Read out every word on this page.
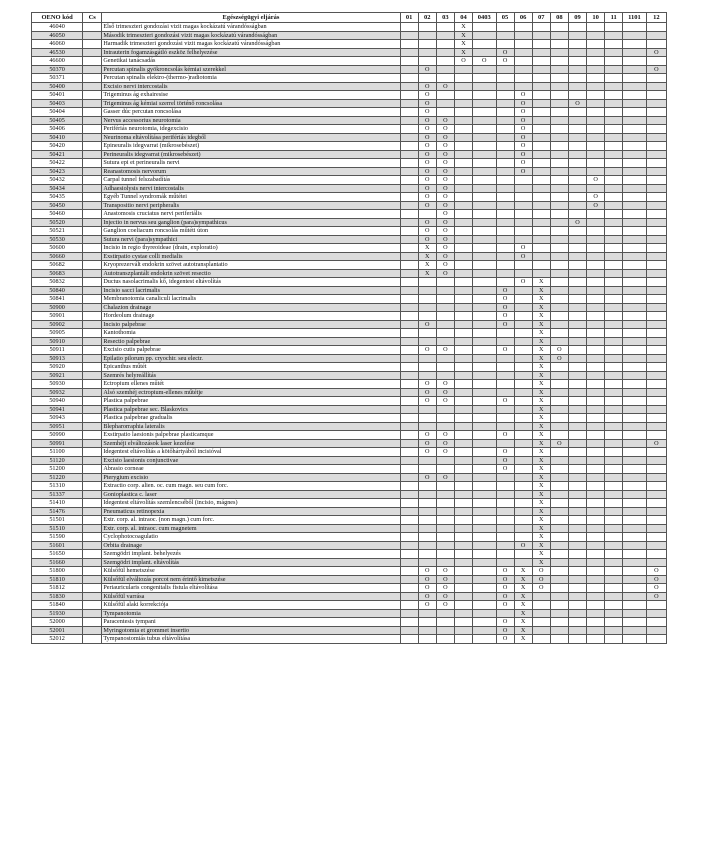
OENO kód	Cs	Egészségügyi eljárás	01	02	03	04	0403	05	06	07	08	09	10	11	1101	12
46040		Első trimeszteri gondozási vizit magas kockázatú várandósságban				X										
46050		Második trimeszteri gondozási vizit magas kockázatú várandósságban				X										
46060		Harmadik trimeszteri gondozási vizit magas kockázatú várandósságban				X										
46530		Intrauterin fogamzásgátló eszköz felhelyezése				X		O								O
46600		Genetikai tanácsadás				O	O	O								
50370		Percutan spinalis gyökroncsolás kémiai szerekkel		O												O
50371		Percutan spinalis elektro-(thermo-)radiotomia														
50400		Excisio nervi intercostalis		O	O											
50401		Trigeminus ág exhairesise		O					O							
50403		Trigeminus ág kémiai szerrel történő roncsolása		O					O			O				
50404		Gasser dúc percutan roncsolása		O					O							
50405		Nervus accessorius neurotomia		O	O				O							
50406		Perifériás neurotomia, idegexcisio		O	O				O							
50410		Neurinoma eltávolítása perifériás idegből		O	O				O							
50420		Epineuralis idegvarrat (mikrosebészet)		O	O				O							
50421		Perineuralis idegvarrat (mikrosebészet)		O	O				O							
50422		Sutura epi et perineuralis nervi		O	O				O							
50423		Reanastomosis nervorum		O	O				O							
50432		Carpal tunnel felszabadítás		O	O								O			
50434		Adhaesiolysis nervi intercostalis		O	O											
50435		Egyéb Tunnel syndromák műtétei		O	O								O			
50450		Transpositio nervi peripheralis		O	O								O			
50460		Anastomosis cruciatus nervi periferiális			O											
50520		Injectio in nervus seu ganglion (para)sympathicus		O	O							O				
50521		Ganglion coeliacum roncsolás műtéti úton		O	O											
50530		Sutura nervi (para)sympathici		O	O											
50600		Incisio in regio thyreoideae (drain, exploratio)		X	O				O							
50660		Exstirpatio cystae colli medialis		X	O				O							
50682		Kryoprezervált endokrin szövet autotransplantatio		X	O											
50683		Autotranszplantált endokrin szövet resectio		X	O											
50832		Ductus nasolacrimalis kő, idegentest eltávolítás							O	X						
50840		Incisio sacci lacrimalis						O		X						
50841		Membranotomia canaliculi lacrimalis						O		X						
50900		Chalazion drainage						O		X						
50901		Hordeolum drainage						O		X						
50902		Incisio palpebrae		O				O		X						
50905		Kantothomia								X						
50910		Resectio palpebrae								X						
50911		Excisio cutis palpebrae		O	O			O		X	O					
50913		Epilatio pilorum pp. cryochir. seu electr.								X	O					
50920		Epicanthus műtét								X						
50921		Szemrés helyreállítás								X						
50930		Ectropium ellenes műtét		O	O					X						
50932		Alsó szemhéj ectropium-ellenes műtétje		O	O					X						
50940		Plastica palpebrae		O	O			O		X						
50941		Plastica palpebrae sec. Blaskovics								X						
50943		Plastica palpebrae gradualis								X						
50951		Blepharorraphia lateralis								X						
50990		Exstirpatio laesionis palpebrae plasticamque		O	O			O		X						
50991		Szemhéji elváltozások laser kezelése		O	O					X	O					O
51100		Idegentest eltávolítás a kötőhártyából incisióval		O	O			O		X						
51120		Excisio laesionis conjunctivae						O		X						
51200		Abrasio corneae						O		X						
51220		Pterygium excisio		O	O					X						
51310		Extractio corp. alien. oc. cum magn. seu cum forc.								X						
51337		Gonioplastica c. laser								X						
51410		Idegentest eltávolítás szemlencséből (incisio, mágnes)								X						
51476		Pneumaticus retinopexia								X						
51501		Extr. corp. al. intraoc. (non magn.) cum forc.								X						
51510		Extr. corp. al. intraoc. cum magnetem								X						
51590		Cyclophotocoagulatio								X						
51601		Orbita drainage							O	X						
51650		Szemgödri implant. behelyezés								X						
51660		Szemgödri implant. eltávolítás								X						
51800		Külsőfül hemetszése		O	O			O	X	O						O
51810		Külsőfül elváltozás porcot nem érintő kimetszése		O	O			O	X	O						O
51812		Periauricularis congenitalis fistula eltávolítása		O	O			O	X	O						O
51830		Külsőfül varrása		O	O			O	X							O
51840		Külsőfül alaki korrekciója		O	O			O	X							
51930		Tympanotomia							X							
52000		Paracentesis tympani						O	X							
52001		Myringotomia et grommet insertio						O	X							
52012		Tympanostomiás tubus eltávolítása						O	X							
